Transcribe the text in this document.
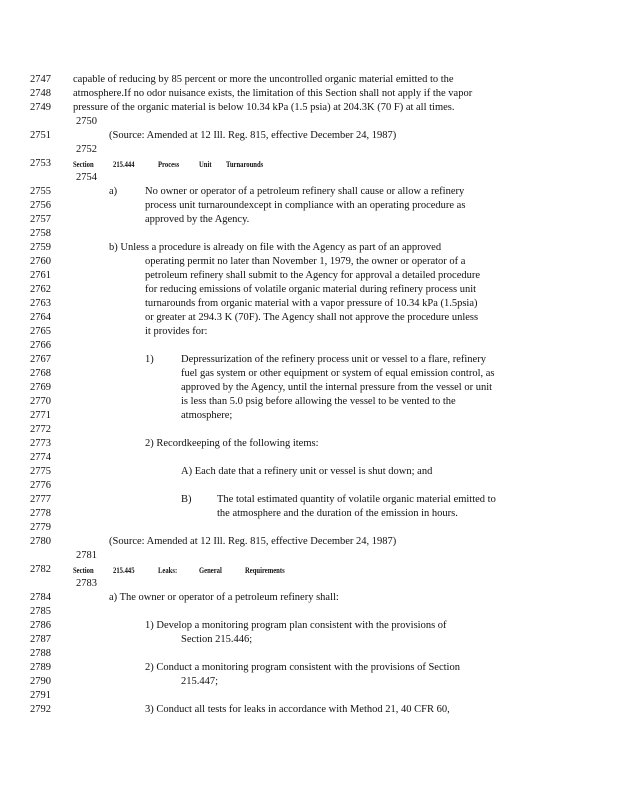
2747
2748
2749
2751
2753
2755
2756
2757
2758
2759
2760
2761
2762
2763
2764
2765
2766
2767
2768
2769
2770
2771
2772
2773
2774
2775
2776
2777
2778
2779
2780
2782
2784
2785
2786
2787
2788
2789
2790
2791
2792
2750
2752
2754
2781
2783
capable of reducing by 85 percent or more the uncontrolled organic material emitted to the
atmosphere.If no odor nuisance exists, the limitation of this Section shall not apply if the vapor
pressure of the organic material is below 10.34 kPa (1.5 psia) at 204.3K (70 F) at all times.
(Source: Amended at 12 Ill. Reg. 815, effective December 24, 1987)
Section 215.444	Process Unit Turnarounds
a)	No owner or operator of a petroleum refinery shall cause or allow a refinery
process unit turnaroundexcept in compliance with an operating procedure as
approved by the Agency.
b) Unless a procedure is already on file with the Agency as part of an approved
operating permit no later than November 1, 1979, the owner or operator of a
petroleum refinery shall submit to the Agency for approval a detailed procedure
for reducing emissions of volatile organic material during refinery process unit
turnarounds from organic material with a vapor pressure of 10.34 kPa (1.5psia)
or greater at 294.3 K (70F). The Agency shall not approve the procedure unless
it provides for:
1)	Depressurization of the refinery process unit or vessel to a flare, refinery
fuel gas system or other equipment or system of equal emission control, as
approved by the Agency, until the internal pressure from the vessel or unit
is less than 5.0 psig before allowing the vessel to be vented to the
atmosphere;
2) Recordkeeping of the following items:
A) Each date that a refinery unit or vessel is shut down; and
B) The total estimated quantity of volatile organic material emitted to
the atmosphere and the duration of the emission in hours.
(Source: Amended at 12 Ill. Reg. 815, effective December 24, 1987)
Section 215.445	Leaks:	General	Requirements
a) The owner or operator of a petroleum refinery shall:
1) Develop a monitoring program plan consistent with the provisions of
Section 215.446;
2) Conduct a monitoring program consistent with the provisions of Section
215.447;
3) Conduct all tests for leaks in accordance with Method 21, 40 CFR 60,
